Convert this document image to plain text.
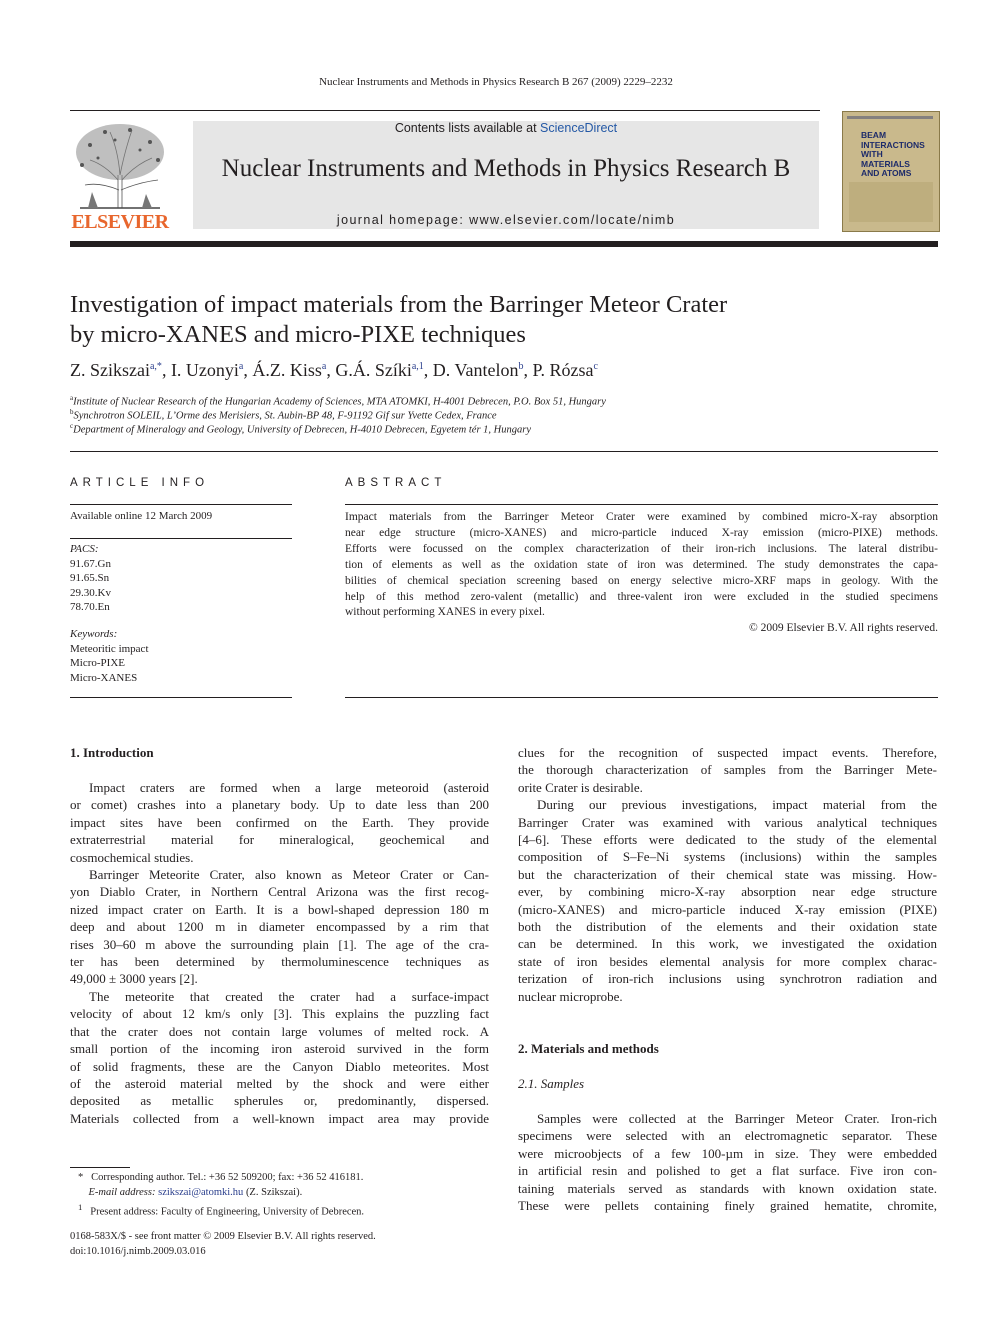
Nuclear Instruments and Methods in Physics Research B 267 (2009) 2229–2232
ELSEVIER
Contents lists available at ScienceDirect
Nuclear Instruments and Methods in Physics Research B
journal homepage: www.elsevier.com/locate/nimb
BEAM
INTERACTIONS
WITH
MATERIALS
AND ATOMS
Investigation of impact materials from the Barringer Meteor Crater
by micro-XANES and micro-PIXE techniques
Z. Szikszai$^{a,*}$, I. Uzonyi$^a$, Á.Z. Kiss$^a$, G.Á. Szíki$^{a,1}$, D. Vantelon$^b$, P. Rózsa$^c$
$^a$Institute of Nuclear Research of the Hungarian Academy of Sciences, MTA ATOMKI, H-4001 Debrecen, P.O. Box 51, Hungary
$^b$Synchrotron SOLEIL, L’Orme des Merisiers, St. Aubin-BP 48, F-91192 Gif sur Yvette Cedex, France
$^c$Department of Mineralogy and Geology, University of Debrecen, H-4010 Debrecen, Egyetem tér 1, Hungary
ARTICLE INFO
Available online 12 March 2009
PACS:
91.67.Gn
91.65.Sn
29.30.Kv
78.70.En
Keywords:
Meteoritic impact
Micro-PIXE
Micro-XANES
ABSTRACT
Impact materials from the Barringer Meteor Crater were examined by combined micro-X-ray absorption
near edge structure (micro-XANES) and micro-particle induced X-ray emission (micro-PIXE) methods.
Efforts were focussed on the complex characterization of their iron-rich inclusions. The lateral distribu-
tion of elements as well as the oxidation state of iron was determined. The study demonstrates the capa-
bilities of chemical speciation screening based on energy selective micro-XRF maps in geology. With the
help of this method zero-valent (metallic) and three-valent iron were excluded in the studied specimens
without performing XANES in every pixel.
© 2009 Elsevier B.V. All rights reserved.
1. Introduction
Impact craters are formed when a large meteoroid (asteroid
or comet) crashes into a planetary body. Up to date less than 200
impact sites have been confirmed on the Earth. They provide
extraterrestrial material for mineralogical, geochemical and
cosmochemical studies.
Barringer Meteorite Crater, also known as Meteor Crater or Can-
yon Diablo Crater, in Northern Central Arizona was the first recog-
nized impact crater on Earth. It is a bowl-shaped depression 180 m
deep and about 1200 m in diameter encompassed by a rim that
rises 30–60 m above the surrounding plain [1]. The age of the cra-
ter has been determined by thermoluminescence techniques as
49,000 ± 3000 years [2].
The meteorite that created the crater had a surface-impact
velocity of about 12 km/s only [3]. This explains the puzzling fact
that the crater does not contain large volumes of melted rock. A
small portion of the incoming iron asteroid survived in the form
of solid fragments, these are the Canyon Diablo meteorites. Most
of the asteroid material melted by the shock and were either
deposited as metallic spherules or, predominantly, dispersed.
Materials collected from a well-known impact area may provide
clues for the recognition of suspected impact events. Therefore,
the thorough characterization of samples from the Barringer Mete-
orite Crater is desirable.
During our previous investigations, impact material from the
Barringer Crater was examined with various analytical techniques
[4–6]. These efforts were dedicated to the study of the elemental
composition of S–Fe–Ni systems (inclusions) within the samples
but the characterization of their chemical state was missing. How-
ever, by combining micro-X-ray absorption near edge structure
(micro-XANES) and micro-particle induced X-ray emission (PIXE)
both the distribution of the elements and their oxidation state
can be determined. In this work, we investigated the oxidation
state of iron besides elemental analysis for more complex charac-
terization of iron-rich inclusions using synchrotron radiation and
nuclear microprobe.
2. Materials and methods
2.1. Samples
Samples were collected at the Barringer Meteor Crater. Iron-rich
specimens were selected with an electromagnetic separator. These
were microobjects of a few 100-µm in size. They were embedded
in artificial resin and polished to get a flat surface. Five iron con-
taining materials served as standards with known oxidation state.
These were pellets containing finely grained hematite, chromite,
* Corresponding author. Tel.: +36 52 509200; fax: +36 52 416181.
E-mail address: szikszai@atomki.hu (Z. Szikszai).
$^1$ Present address: Faculty of Engineering, University of Debrecen.
0168-583X/$ - see front matter © 2009 Elsevier B.V. All rights reserved.
doi:10.1016/j.nimb.2009.03.016
